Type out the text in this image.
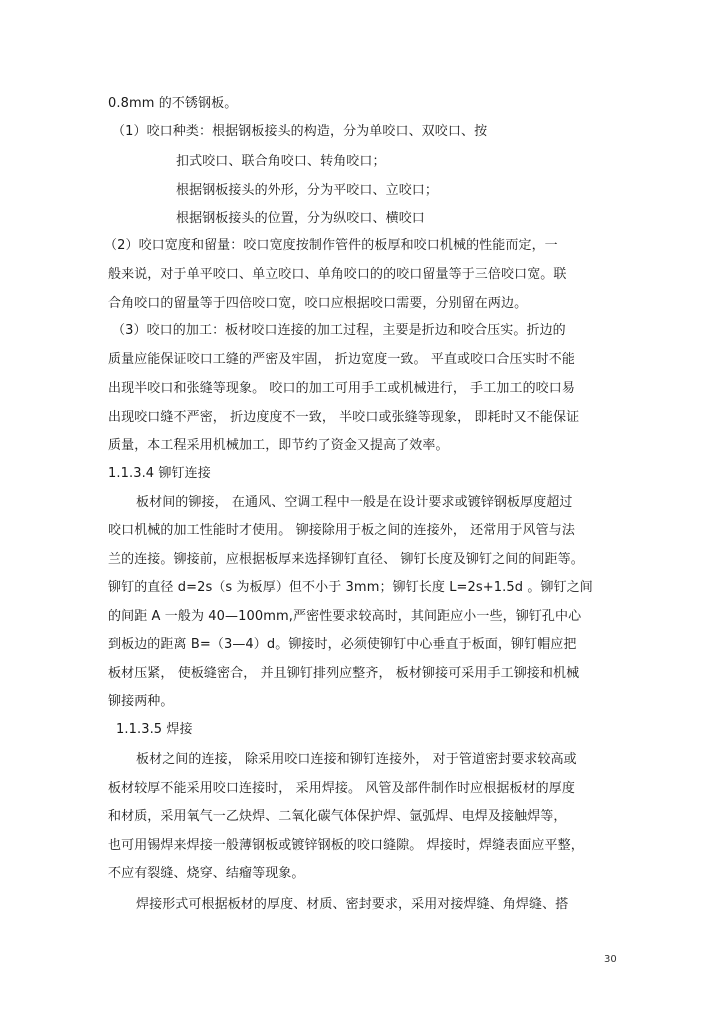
0.8mm 的不锈钢板。
（1）咬口种类：根据钢板接头的构造，分为单咬口、双咬口、按
扣式咬口、联合角咬口、转角咬口；
根据钢板接头的外形，分为平咬口、立咬口；
根据钢板接头的位置，分为纵咬口、横咬口
（2）咬口宽度和留量：咬口宽度按制作管件的板厚和咬口机械的性能而定，一
般来说，对于单平咬口、单立咬口、单角咬口的的咬口留量等于三倍咬口宽。联
合角咬口的留量等于四倍咬口宽，咬口应根据咬口需要，分别留在两边。
（3）咬口的加工：板材咬口连接的加工过程，主要是折边和咬合压实。折边的
质量应能保证咬口工缝的严密及牢固， 折边宽度一致。 平直或咬口合压实时不能
出现半咬口和张缝等现象。 咬口的加工可用手工或机械进行， 手工加工的咬口易
出现咬口缝不严密， 折边度度不一致， 半咬口或张缝等现象， 即耗时又不能保证
质量，本工程采用机械加工，即节约了资金又提高了效率。
1.1.3.4 铆钉连接
板材间的铆接， 在通风、空调工程中一般是在设计要求或镀锌钢板厚度超过
咬口机械的加工性能时才使用。 铆接除用于板之间的连接外， 还常用于风管与法
兰的连接。铆接前，应根据板厚来选择铆钉直径、 铆钉长度及铆钉之间的间距等。
铆钉的直径 d=2s（s 为板厚）但不小于 3mm；铆钉长度 L=2s+1.5d 。铆钉之间
的间距 A 一般为 40—100mm,严密性要求较高时，其间距应小一些，铆钉孔中心
到板边的距离 B=（3—4）d。铆接时，必须使铆钉中心垂直于板面，铆钉帽应把
板材压紧， 使板缝密合， 并且铆钉排列应整齐， 板材铆接可采用手工铆接和机械
铆接两种。
1.1.3.5 焊接
板材之间的连接， 除采用咬口连接和铆钉连接外， 对于管道密封要求较高或
板材较厚不能采用咬口连接时， 采用焊接。 风管及部件制作时应根据板材的厚度
和材质，采用氧气一乙炔焊、二氧化碳气体保护焊、氩弧焊、电焊及接触焊等，
也可用锡焊来焊接一般薄钢板或镀锌钢板的咬口缝隙。 焊接时，焊缝表面应平整，
不应有裂缝、烧穿、结瘤等现象。
焊接形式可根据板材的厚度、材质、密封要求，采用对接焊缝、角焊缝、搭
30
